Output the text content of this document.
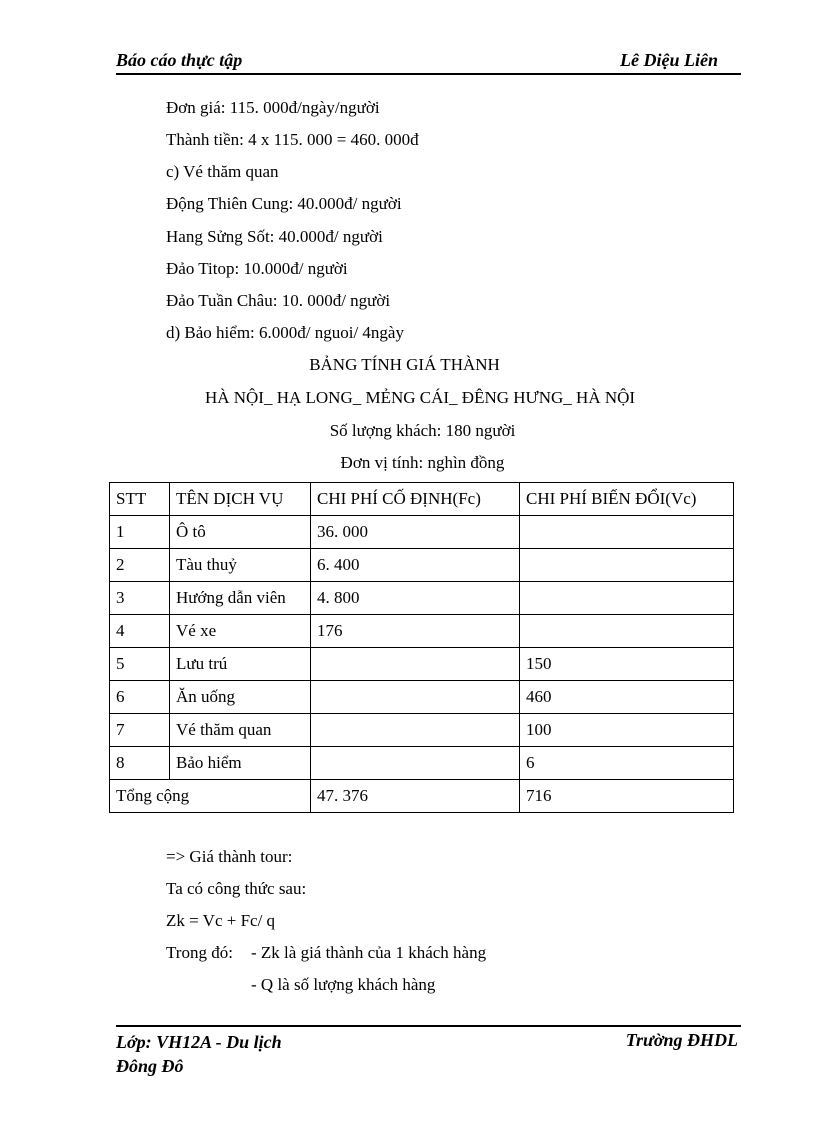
Báo cáo thực tập	Lê Diệu Liên
Đơn giá: 115. 000đ/ngày/người
Thành tiền: 4 x 115. 000 = 460. 000đ
c) Vé thăm quan
Động Thiên Cung: 40.000đ/ người
Hang Sửng Sốt: 40.000đ/ người
Đảo Titop: 10.000đ/ người
Đảo Tuần Châu: 10. 000đ/ người
d) Bảo hiểm: 6.000đ/ nguoi/ 4ngày
BẢNG TÍNH GIÁ THÀNH
HÀ NỘI_ HẠ LONG_ MẺNG CÁI_ ĐÊNG HƯNG_ HÀ NỘI
Số lượng khách: 180 người
Đơn vị tính: nghìn đồng
STT	TÊN DỊCH VỤ	CHI PHÍ CỐ ĐỊNH(Fc)	CHI PHÍ BIẾN ĐỔI(Vc)
1	Ô tô	36. 000	
2	Tàu thuỷ	6. 400	
3	Hướng dẫn viên	4. 800	
4	Vé xe	176	
5	Lưu trú		150
6	Ăn uống		460
7	Vé thăm quan		100
8	Bảo hiểm		6
Tổng cộng		47. 376	716
=> Giá thành tour:
Ta có công thức sau:
Zk = Vc + Fc/ q
Trong đó: - Zk là giá thành của 1 khách hàng
- Q là số lượng khách hàng
Lớp: VH12A - Du lịch
Đông Đô
Trường ĐHDL
